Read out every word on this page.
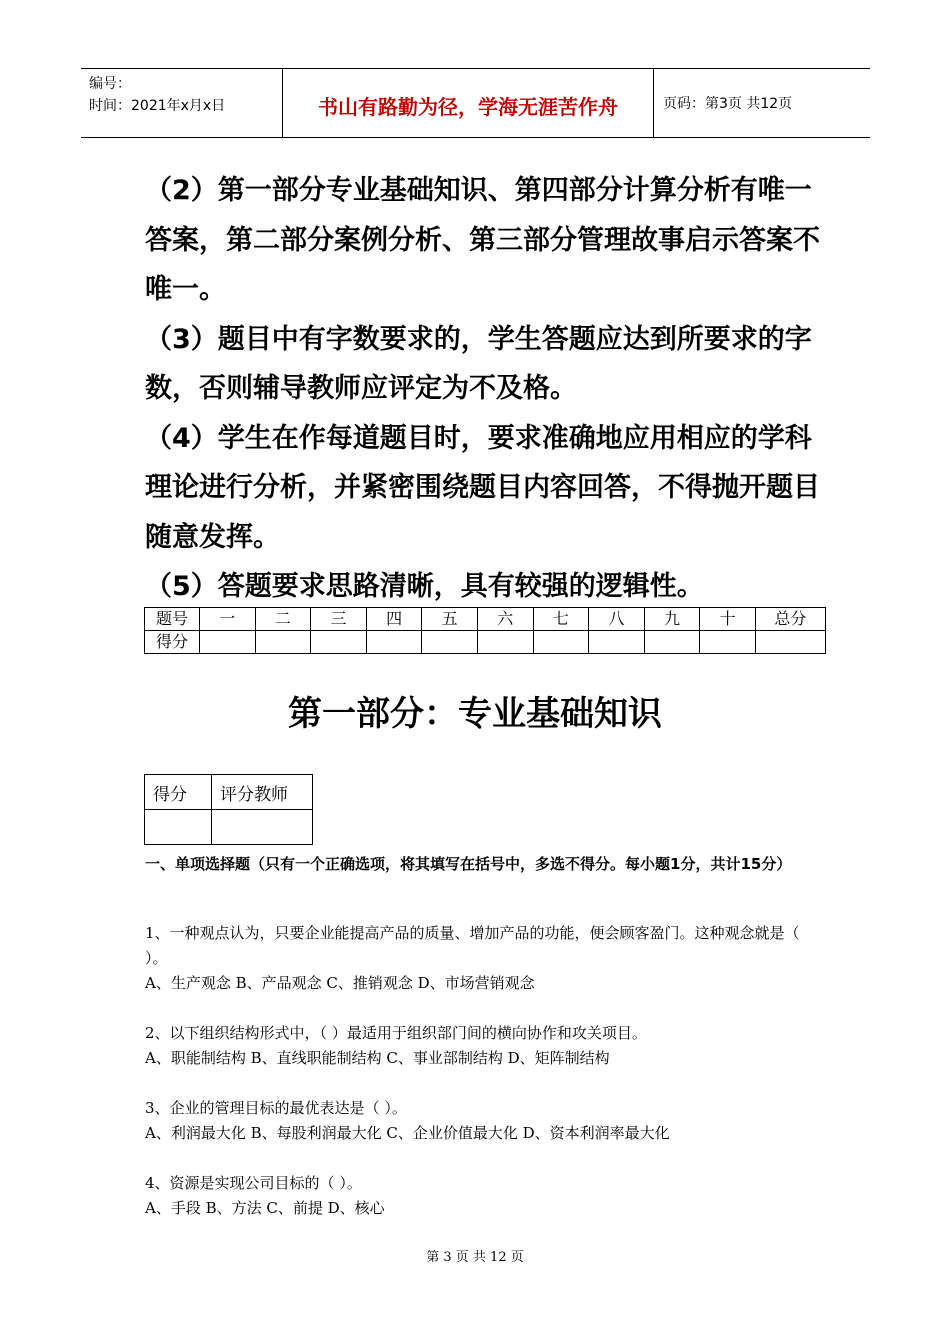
编号：
时间：2021年x月x日	书山有路勤为径，学海无涯苦作舟	页码：第3页 共12页

（2）第一部分专业基础知识、第四部分计算分析有唯一答案，第二部分案例分析、第三部分管理故事启示答案不唯一。

（3）题目中有字数要求的，学生答题应达到所要求的字数，否则辅导教师应评定为不及格。

（4）学生在作每道题目时，要求准确地应用相应的学科理论进行分析，并紧密围绕题目内容回答，不得抛开题目随意发挥。

（5）答题要求思路清晰，具有较强的逻辑性。

题号	一	二	三	四	五	六	七	八	九	十	总分
得分											
第一部分：专业基础知识
得分	评分教师

一、单项选择题（只有一个正确选项，将其填写在括号中，多选不得分。每小题1分，共计15分）

1、一种观点认为，只要企业能提高产品的质量、增加产品的功能，便会顾客盈门。这种观念就是（ ）。

A、生产观念 B、产品观念 C、推销观念 D、市场营销观念

2、以下组织结构形式中，（ ）最适用于组织部门间的横向协作和攻关项目。

A、职能制结构 B、直线职能制结构 C、事业部制结构 D、矩阵制结构

3、企业的管理目标的最优表达是（ ）。

A、利润最大化 B、每股利润最大化 C、企业价值最大化 D、资本利润率最大化

4、资源是实现公司目标的（ ）。

A、手段 B、方法 C、前提 D、核心

第 3 页 共 12 页
